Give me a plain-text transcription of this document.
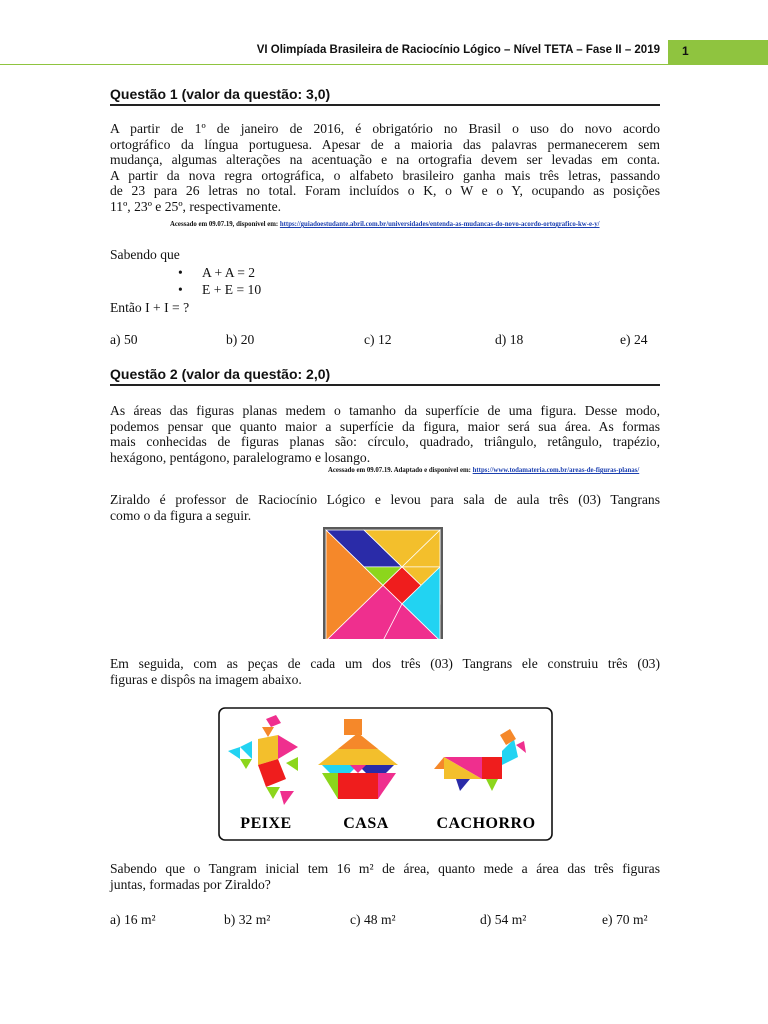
VI Olimpíada Brasileira de Raciocínio Lógico – Nível TETA – Fase II – 2019 1
Questão 1 (valor da questão: 3,0)
A partir de 1º de janeiro de 2016, é obrigatório no Brasil o uso do novo acordo
ortográfico da língua portuguesa. Apesar de a maioria das palavras permanecerem sem
mudança, algumas alterações na acentuação e na ortografia devem ser levadas em conta.
A partir da nova regra ortográfica, o alfabeto brasileiro ganha mais três letras, passando
de 23 para 26 letras no total. Foram incluídos o K, o W e o Y, ocupando as posições
11º, 23º e 25º, respectivamente.
Acessado em 09.07.19, disponível em: https://guiadoestudante.abril.com.br/universidades/entenda-as-mudancas-do-novo-acordo-ortografico-kw-e-y/
Sabendo que
• A + A = 2
• E + E = 10
Então I + I = ?
a) 50	b) 20	c) 12	d) 18	e) 24
Questão 2 (valor da questão: 2,0)
As áreas das figuras planas medem o tamanho da superfície de uma figura. Desse modo,
podemos pensar que quanto maior a superfície da figura, maior será sua área. As formas
mais conhecidas de figuras planas são: círculo, quadrado, triângulo, retângulo, trapézio,
hexágono, pentágono, paralelogramo e losango.
Acessado em 09.07.19. Adaptado e disponível em: https://www.todamateria.com.br/areas-de-figuras-planas/
Ziraldo é professor de Raciocínio Lógico e levou para sala de aula três (03) Tangrans
como o da figura a seguir.
Em seguida, com as peças de cada um dos três (03) Tangrans ele construiu três (03)
figuras e dispôs na imagem abaixo.
PEIXE	CASA	CACHORRO
Sabendo que o Tangram inicial tem 16 m² de área, quanto mede a área das três figuras
juntas, formadas por Ziraldo?
a) 16 m²	b) 32 m²	c) 48 m²	d) 54 m²	e) 70 m²
